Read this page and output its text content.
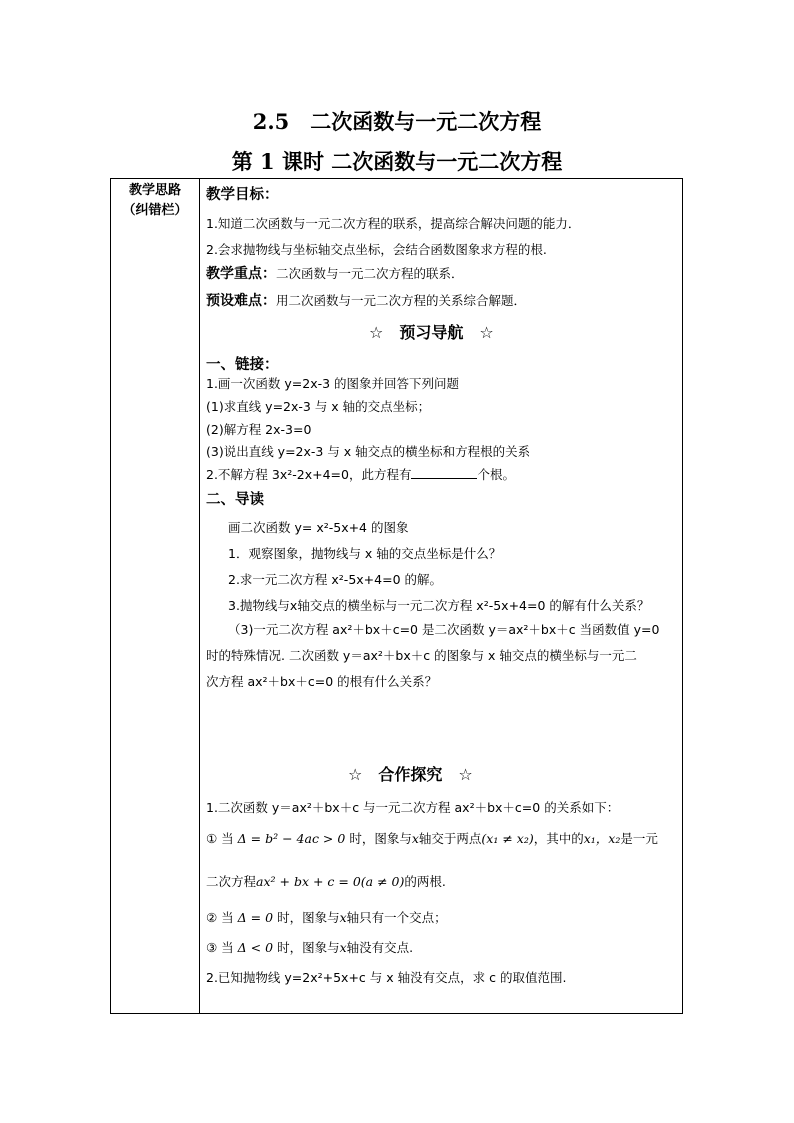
2.5　二次函数与一元二次方程
第 1 课时 二次函数与一元二次方程
教学思路
（纠错栏）
教学目标：
1.知道二次函数与一元二次方程的联系，提高综合解决问题的能力．
2.会求抛物线与坐标轴交点坐标，会结合函数图象求方程的根.
教学重点：二次函数与一元二次方程的联系．
预设难点：用二次函数与一元二次方程的关系综合解题．
☆　预习导航　☆
一、链接：
1.画一次函数 y=2x-3 的图象并回答下列问题
(1)求直线 y=2x-3 与 x 轴的交点坐标；
(2)解方程 2x-3=0
(3)说出直线 y=2x-3 与 x 轴交点的横坐标和方程根的关系
2.不解方程 3x²-2x+4=0，此方程有	个根。
二、导读
画二次函数 y= x²-5x+4 的图象
1．观察图象，抛物线与 x 轴的交点坐标是什么？
2.求一元二次方程 x²-5x+4=0 的解。
3.抛物线与x轴交点的横坐标与一元二次方程 x²-5x+4=0 的解有什么关系？
（3)一元二次方程 ax²＋bx＋c=0 是二次函数 y＝ax²＋bx＋c 当函数值 y=0
时的特殊情况. 二次函数 y＝ax²＋bx＋c 的图象与 x 轴交点的横坐标与一元二
次方程 ax²＋bx＋c=0 的根有什么关系？
☆　合作探究　☆
1.二次函数 y＝ax²＋bx＋c 与一元二次方程 ax²＋bx＋c=0 的关系如下：
① 当 Δ = b² − 4ac > 0 时，图象与x轴交于两点(x₁ ≠ x₂)，其中的x₁，x₂是一元
二次方程ax² + bx + c = 0(a ≠ 0)的两根.
② 当 Δ = 0 时，图象与x轴只有一个交点；
③ 当 Δ < 0 时，图象与x轴没有交点.
2.已知抛物线 y=2x²+5x+c 与 x 轴没有交点，求 c 的取值范围.
